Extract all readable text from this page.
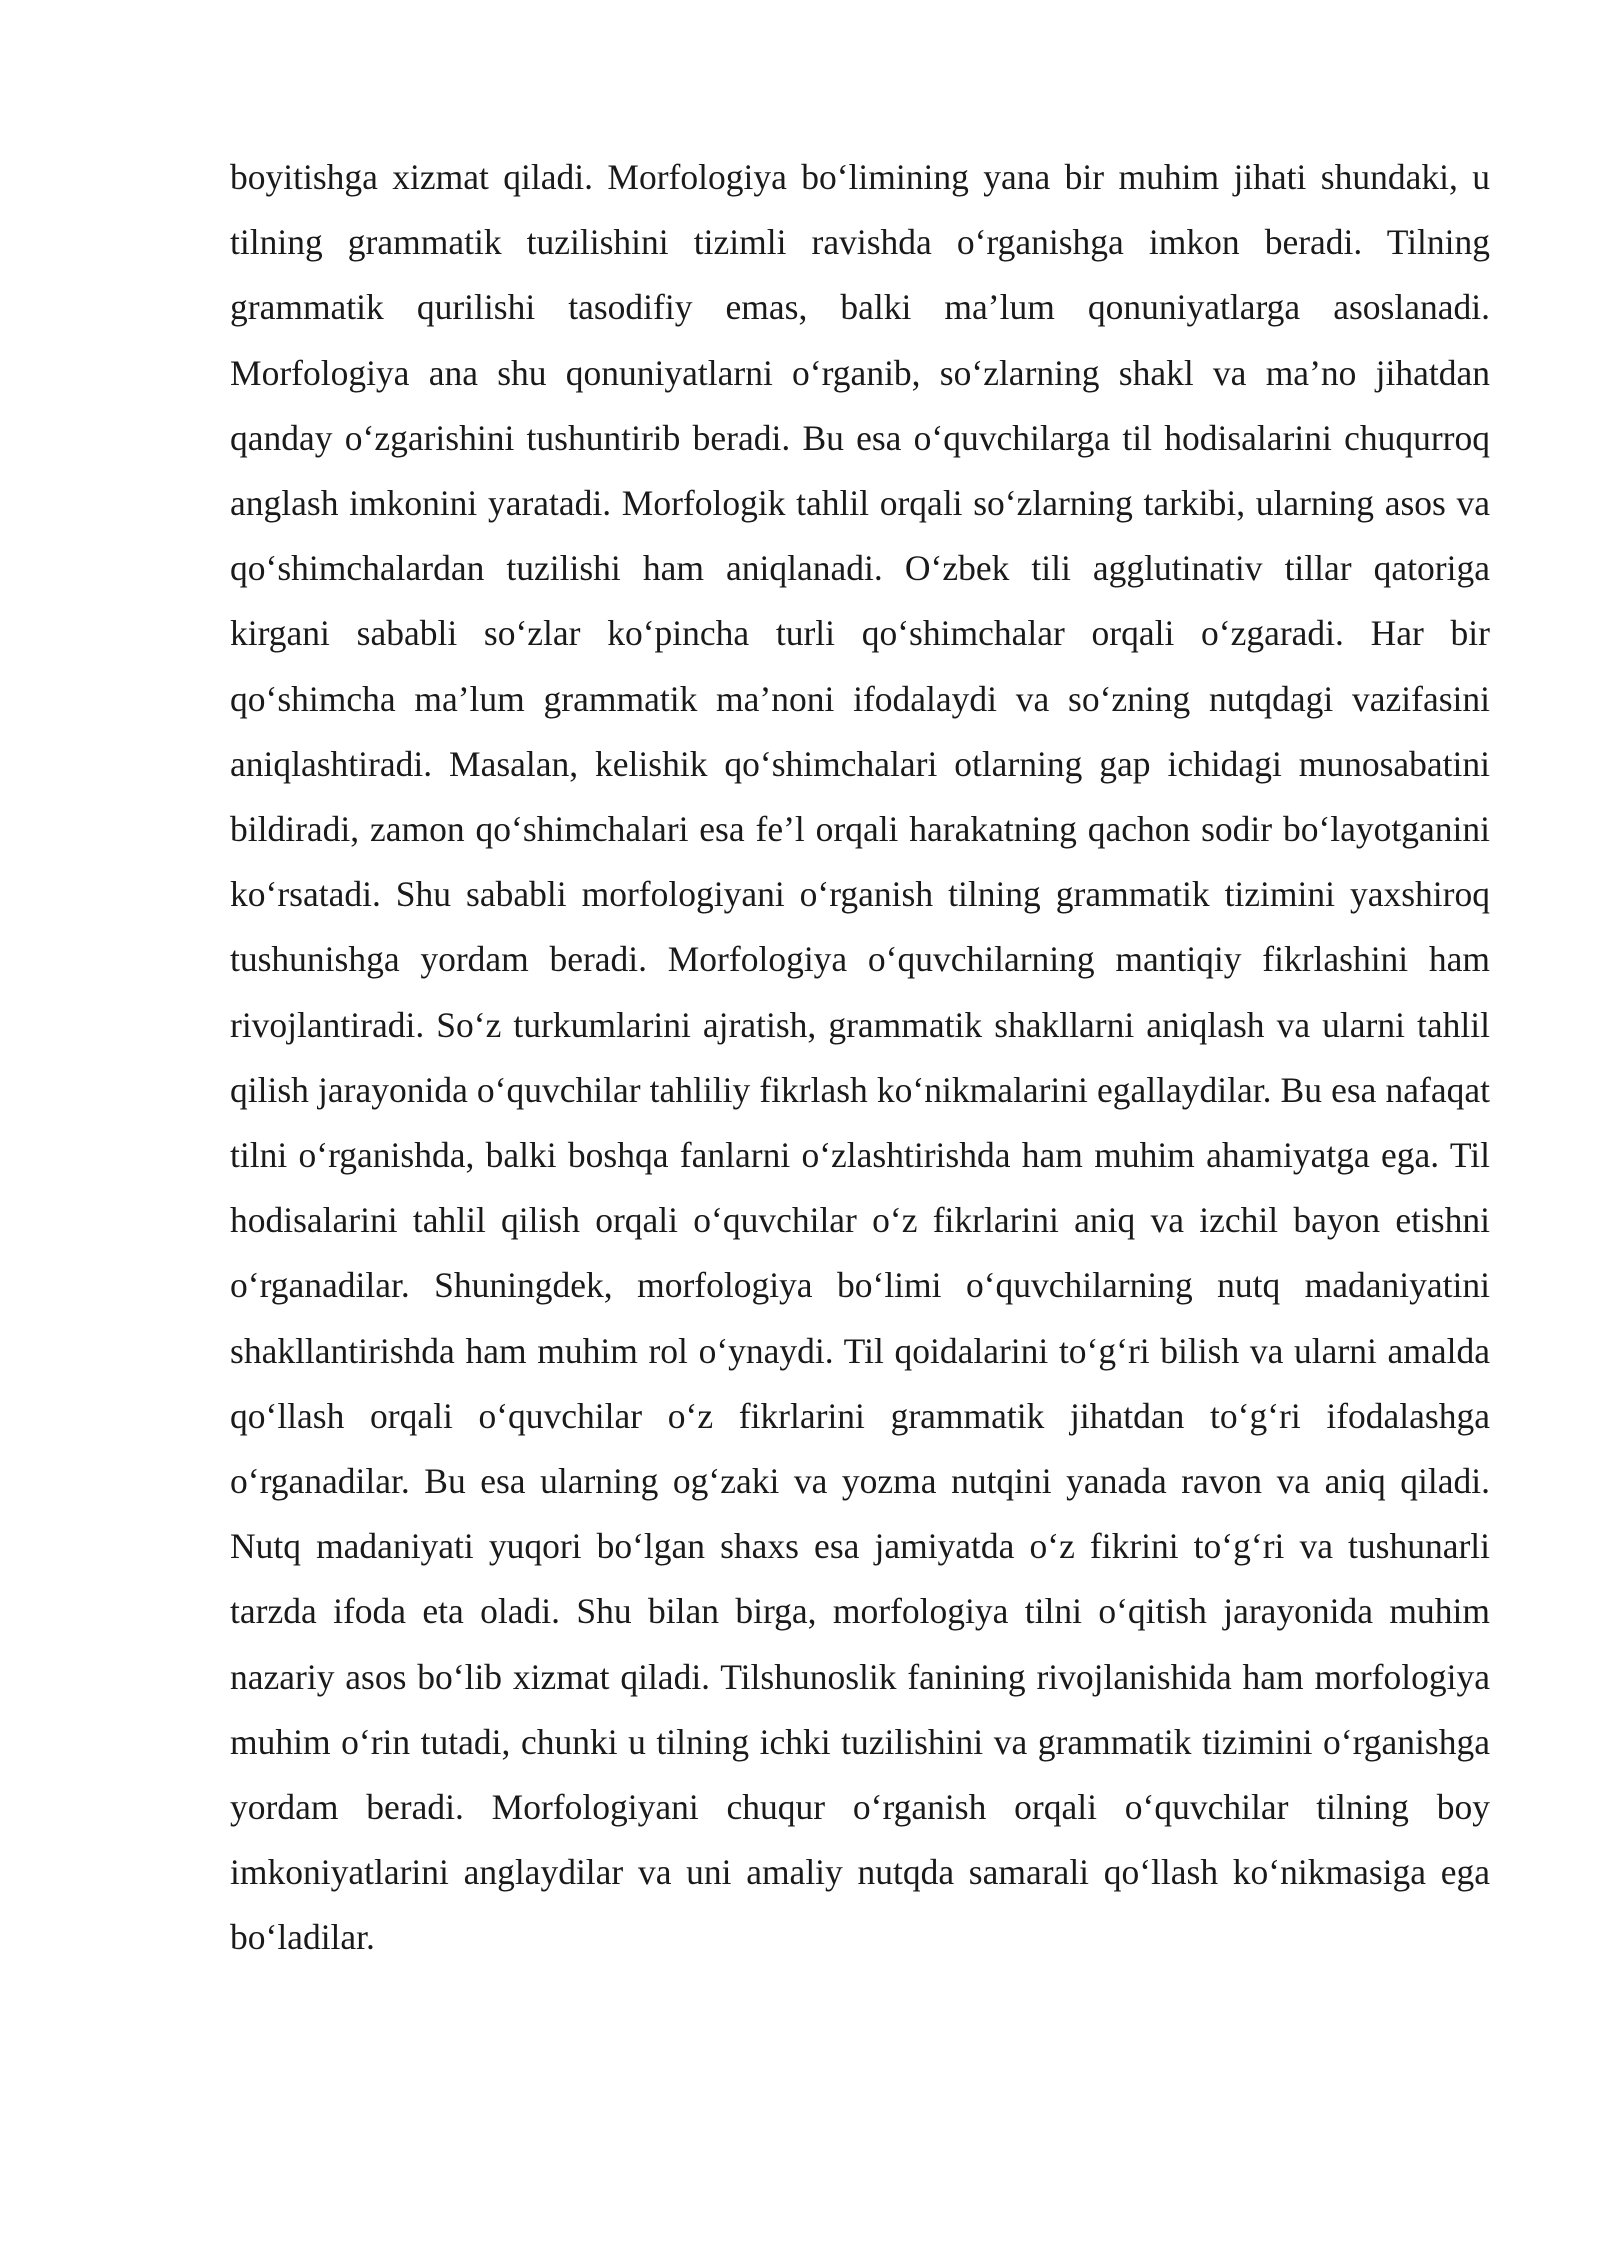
boyitishga xizmat qiladi. Morfologiya bo‘limining yana bir muhim jihati shundaki, u tilning grammatik tuzilishini tizimli ravishda o‘rganishga imkon beradi. Tilning grammatik qurilishi tasodifiy emas, balki ma’lum qonuniyatlarga asoslanadi. Morfologiya ana shu qonuniyatlarni o‘rganib, so‘zlarning shakl va ma’no jihatdan qanday o‘zgarishini tushuntirib beradi. Bu esa o‘quvchilarga til hodisalarini chuqurroq anglash imkonini yaratadi. Morfologik tahlil orqali so‘zlarning tarkibi, ularning asos va qo‘shimchalardan tuzilishi ham aniqlanadi. O‘zbek tili agglutinativ tillar qatoriga kirgani sababli so‘zlar ko‘pincha turli qo‘shimchalar orqali o‘zgaradi. Har bir qo‘shimcha ma’lum grammatik ma’noni ifodalaydi va so‘zning nutqdagi vazifasini aniqlashtiradi. Masalan, kelishik qo‘shimchalari otlarning gap ichidagi munosabatini bildiradi, zamon qo‘shimchalari esa fe’l orqali harakatning qachon sodir bo‘layotganini ko‘rsatadi. Shu sababli morfologiyani o‘rganish tilning grammatik tizimini yaxshiroq tushunishga yordam beradi. Morfologiya o‘quvchilarning mantiqiy fikrlashini ham rivojlantiradi. So‘z turkumlarini ajratish, grammatik shakllarni aniqlash va ularni tahlil qilish jarayonida o‘quvchilar tahliliy fikrlash ko‘nikmalarini egallaydilar. Bu esa nafaqat tilni o‘rganishda, balki boshqa fanlarni o‘zlashtirishda ham muhim ahamiyatga ega. Til hodisalarini tahlil qilish orqali o‘quvchilar o‘z fikrlarini aniq va izchil bayon etishni o‘rganadilar. Shuningdek, morfologiya bo‘limi o‘quvchilarning nutq madaniyatini shakllantirishda ham muhim rol o‘ynaydi. Til qoidalarini to‘g‘ri bilish va ularni amalda qo‘llash orqali o‘quvchilar o‘z fikrlarini grammatik jihatdan to‘g‘ri ifodalashga o‘rganadilar. Bu esa ularning og‘zaki va yozma nutqini yanada ravon va aniq qiladi. Nutq madaniyati yuqori bo‘lgan shaxs esa jamiyatda o‘z fikrini to‘g‘ri va tushunarli tarzda ifoda eta oladi. Shu bilan birga, morfologiya tilni o‘qitish jarayonida muhim nazariy asos bo‘lib xizmat qiladi. Tilshunoslik fanining rivojlanishida ham morfologiya muhim o‘rin tutadi, chunki u tilning ichki tuzilishini va grammatik tizimini o‘rganishga yordam beradi. Morfologiyani chuqur o‘rganish orqali o‘quvchilar tilning boy imkoniyatlarini anglaydilar va uni amaliy nutqda samarali qo‘llash ko‘nikmasiga ega bo‘ladilar.
